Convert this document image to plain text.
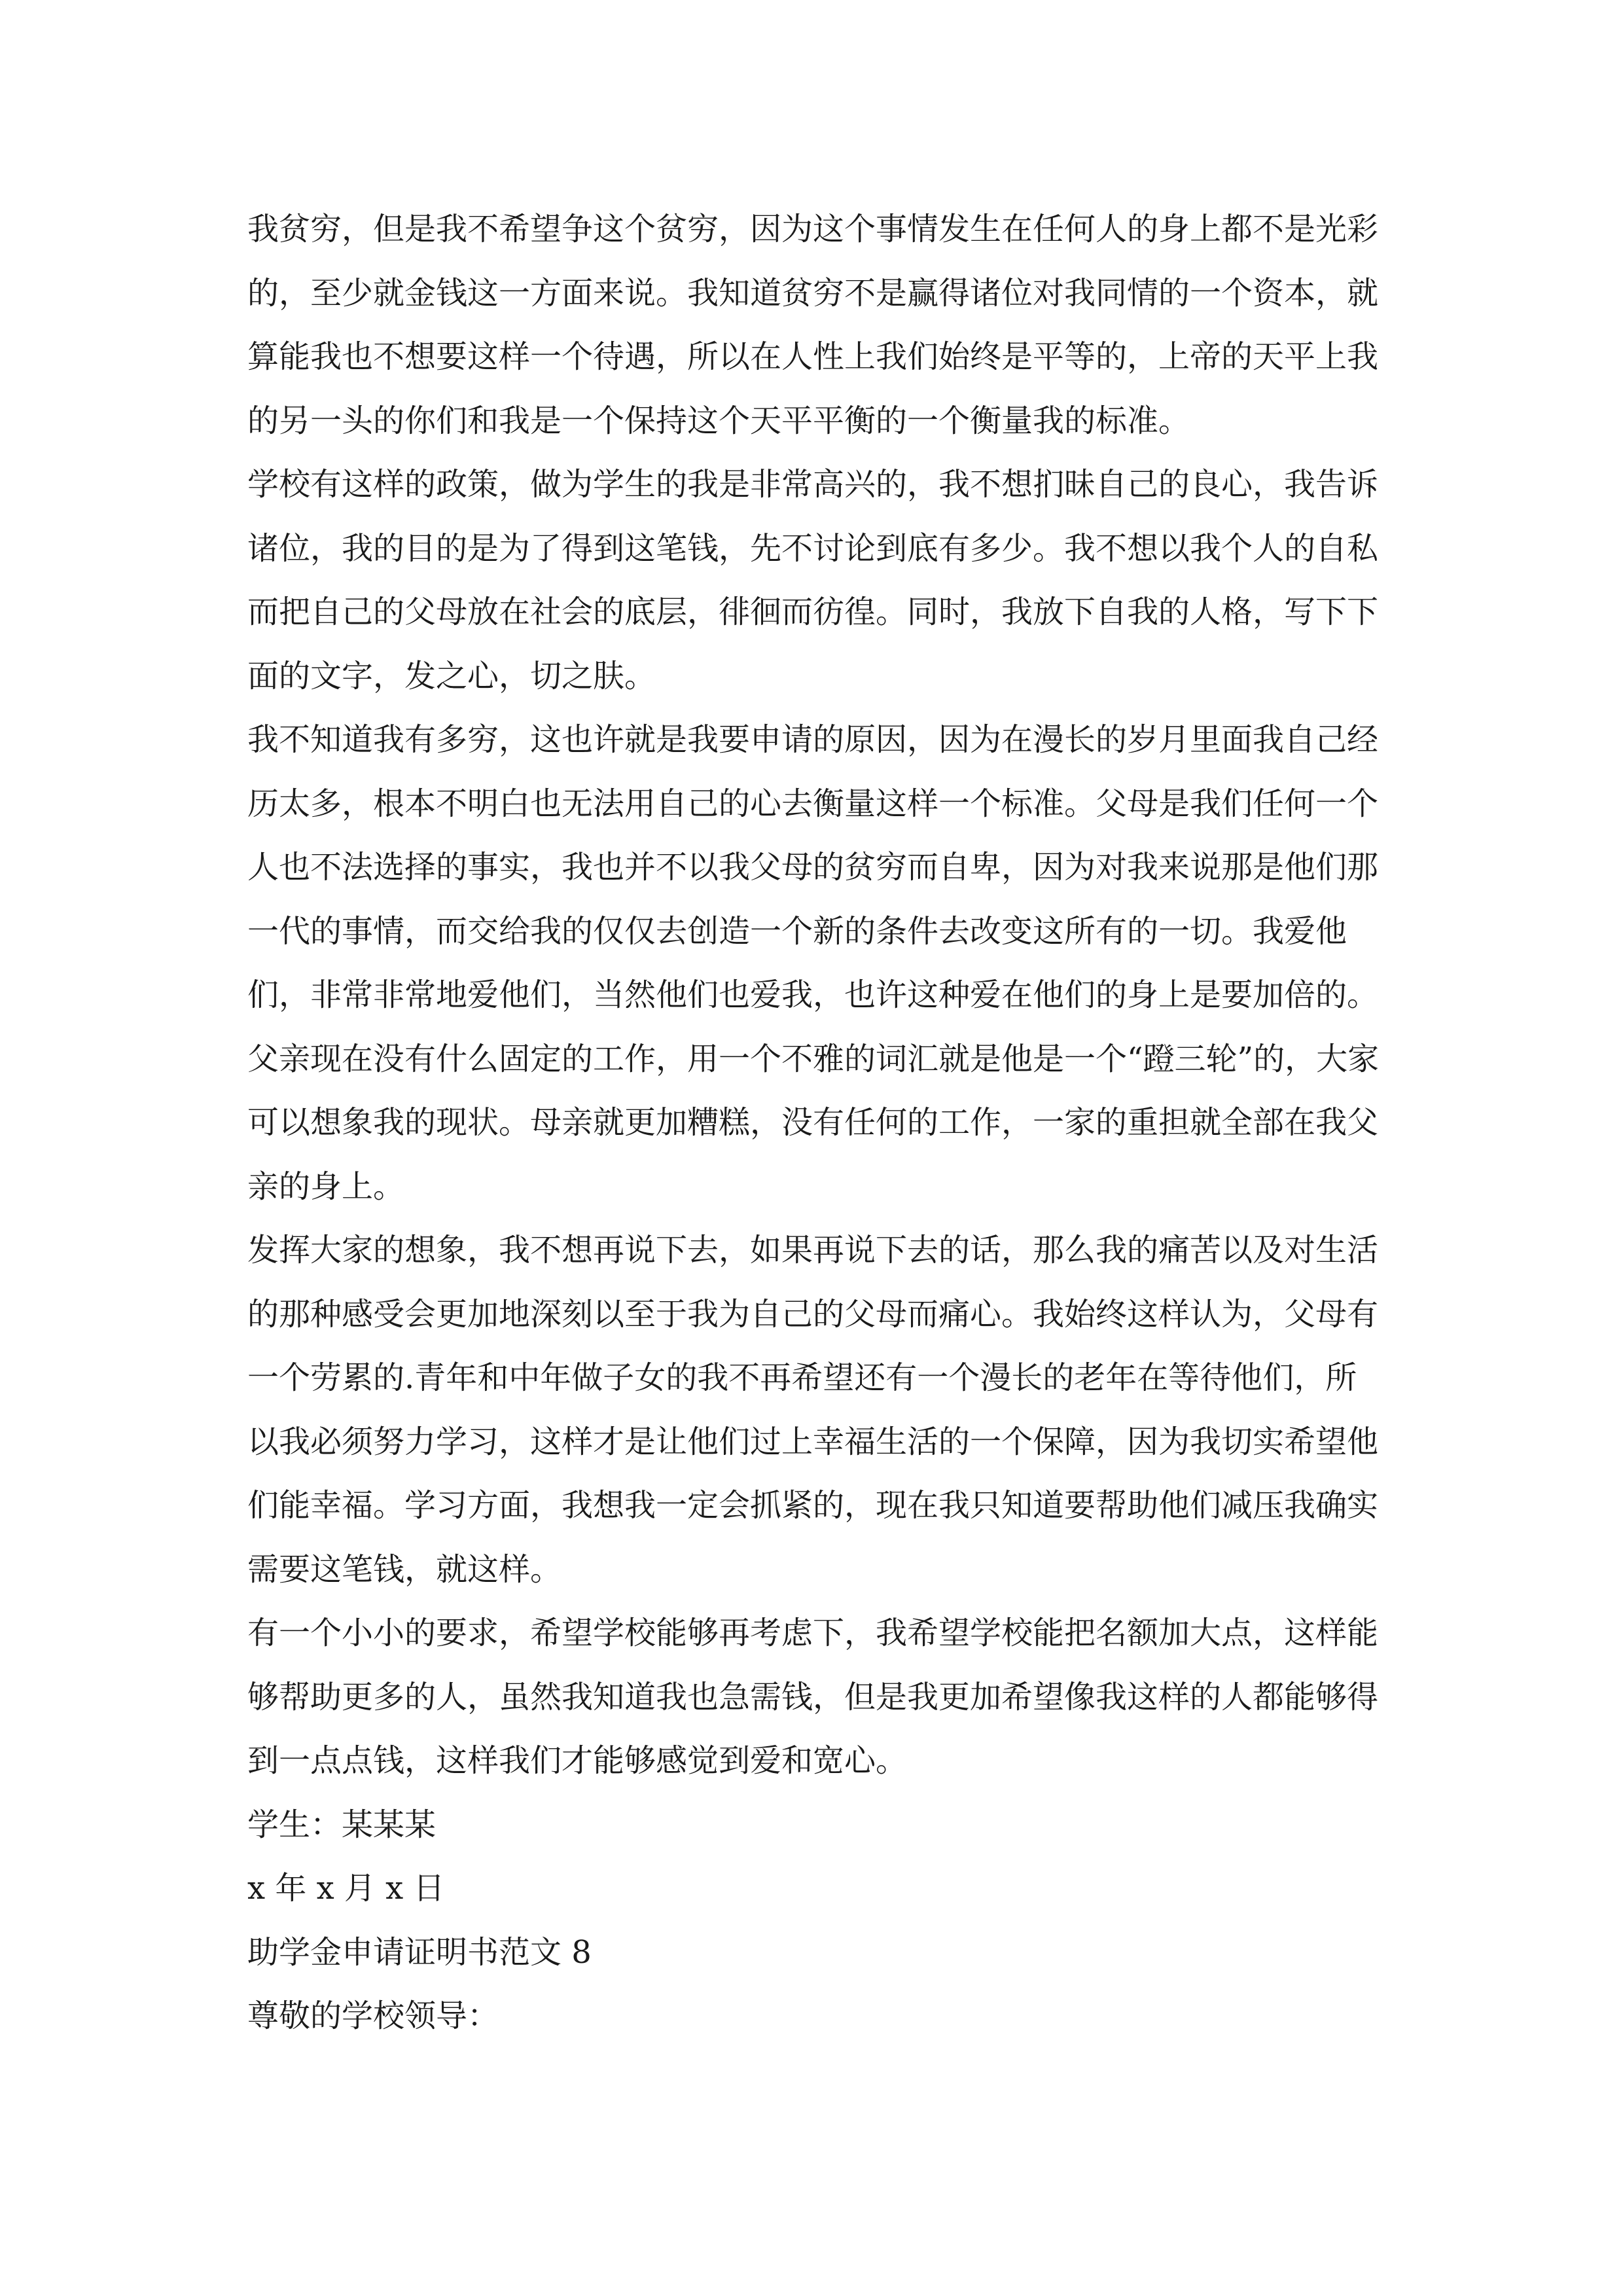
我贫穷，但是我不希望争这个贫穷，因为这个事情发生在任何人的身上都不是光彩的，至少就金钱这一方面来说。我知道贫穷不是赢得诸位对我同情的一个资本，就算能我也不想要这样一个待遇，所以在人性上我们始终是平等的，上帝的天平上我的另一头的你们和我是一个保持这个天平平衡的一个衡量我的标准。

学校有这样的政策，做为学生的我是非常高兴的，我不想扪昧自己的良心，我告诉诸位，我的目的是为了得到这笔钱，先不讨论到底有多少。我不想以我个人的自私而把自己的父母放在社会的底层，徘徊而彷徨。同时，我放下自我的人格，写下下面的文字，发之心，切之肤。

我不知道我有多穷，这也许就是我要申请的原因，因为在漫长的岁月里面我自己经历太多，根本不明白也无法用自己的心去衡量这样一个标准。父母是我们任何一个人也不法选择的事实，我也并不以我父母的贫穷而自卑，因为对我来说那是他们那一代的事情，而交给我的仅仅去创造一个新的条件去改变这所有的一切。我爱他们，非常非常地爱他们，当然他们也爱我，也许这种爱在他们的身上是要加倍的。父亲现在没有什么固定的工作，用一个不雅的词汇就是他是一个“蹬三轮”的，大家可以想象我的现状。母亲就更加糟糕，没有任何的工作，一家的重担就全部在我父亲的身上。

发挥大家的想象，我不想再说下去，如果再说下去的话，那么我的痛苦以及对生活的那种感受会更加地深刻以至于我为自己的父母而痛心。我始终这样认为，父母有一个劳累的.青年和中年做子女的我不再希望还有一个漫长的老年在等待他们，所以我必须努力学习，这样才是让他们过上幸福生活的一个保障，因为我切实希望他们能幸福。学习方面，我想我一定会抓紧的，现在我只知道要帮助他们减压我确实需要这笔钱，就这样。

有一个小小的要求，希望学校能够再考虑下，我希望学校能把名额加大点，这样能够帮助更多的人，虽然我知道我也急需钱，但是我更加希望像我这样的人都能够得到一点点钱，这样我们才能够感觉到爱和宽心。

学生：某某某

x 年 x 月 x 日

助学金申请证明书范文 8

尊敬的学校领导：
